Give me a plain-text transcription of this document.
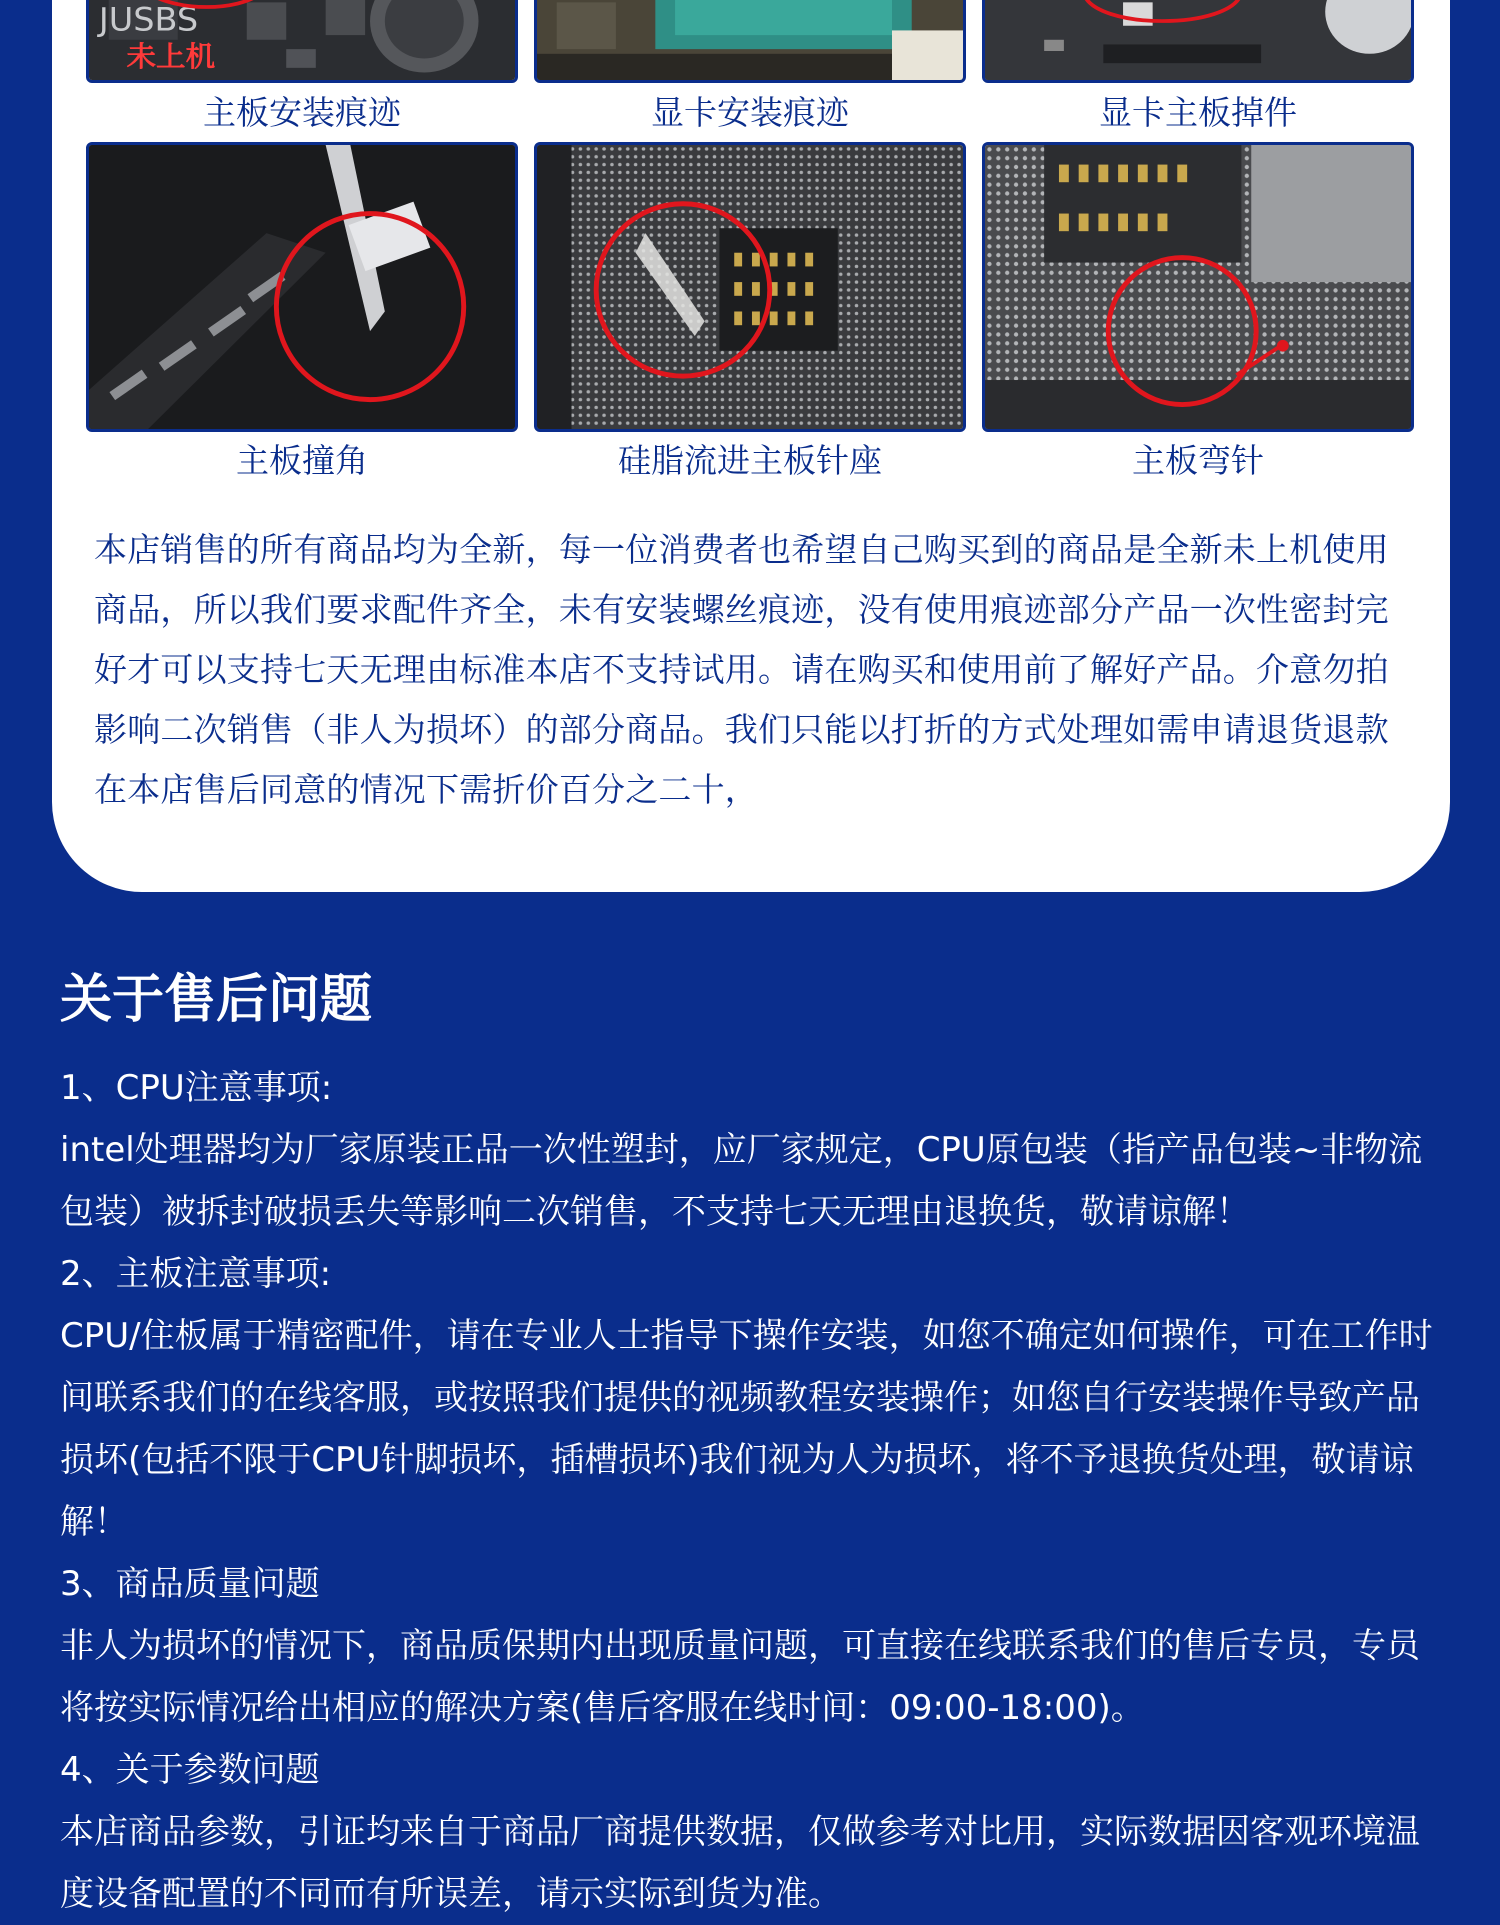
JUSBS
未上机
主板安装痕迹	显卡安装痕迹	显卡主板掉件
主板撞角	硅脂流进主板针座	主板弯针
本店销售的所有商品均为全新，每一位消费者也希望自己购买到的商品是全新未上机使用商品，所以我们要求配件齐全，未有安装螺丝痕迹，没有使用痕迹部分产品一次性密封完好才可以支持七天无理由标准本店不支持试用。请在购买和使用前了解好产品。介意勿拍影响二次销售（非人为损坏）的部分商品。我们只能以打折的方式处理如需申请退货退款在本店售后同意的情况下需折价百分之二十，
关于售后问题

1、CPU注意事项:

intel处理器均为厂家原装正品一次性塑封，应厂家规定，CPU原包装（指产品包装~非物流包装）被拆封破损丢失等影响二次销售，不支持七天无理由退换货，敬请谅解！

2、主板注意事项:

CPU/住板属于精密配件，请在专业人士指导下操作安装，如您不确定如何操作，可在工作时间联系我们的在线客服，或按照我们提供的视频教程安装操作；如您自行安装操作导致产品损坏(包括不限于CPU针脚损坏，插槽损坏)我们视为人为损坏，将不予退换货处理，敬请谅解！

3、商品质量问题

非人为损坏的情况下，商品质保期内出现质量问题，可直接在线联系我们的售后专员，专员将按实际情况给出相应的解决方案(售后客服在线时间：09:00-18:00)。

4、关于参数问题

本店商品参数，引证均来自于商品厂商提供数据，仅做参考对比用，实际数据因客观环境温度设备配置的不同而有所误差，请示实际到货为准。
